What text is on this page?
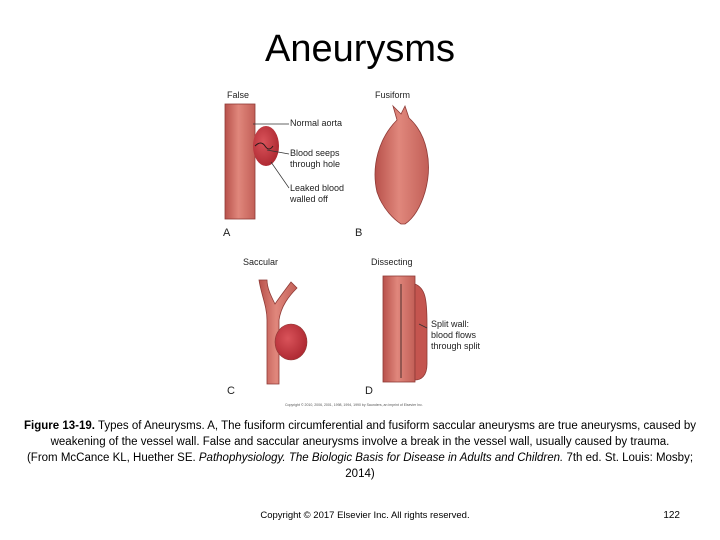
Aneurysms
False
Normal aorta
Blood seeps
through hole
Leaked blood
walled off
A
Fusiform
B
Saccular
C
Dissecting
Split wall:
blood flows
through split
D
Copyright © 2010, 2006, 2001, 1998, 1994, 1990 by Saunders, an imprint of Elsevier Inc.
Figure 13-19. Types of Aneurysms. A, The fusiform circumferential and fusiform saccular aneurysms are true aneurysms, caused by weakening of the vessel wall. False and saccular aneurysms involve a break in the vessel wall, usually caused by trauma.
(From McCance KL, Huether SE. Pathophysiology. The Biologic Basis for Disease in Adults and Children. 7th ed. St. Louis: Mosby; 2014)
Copyright © 2017 Elsevier Inc. All rights reserved.	122
